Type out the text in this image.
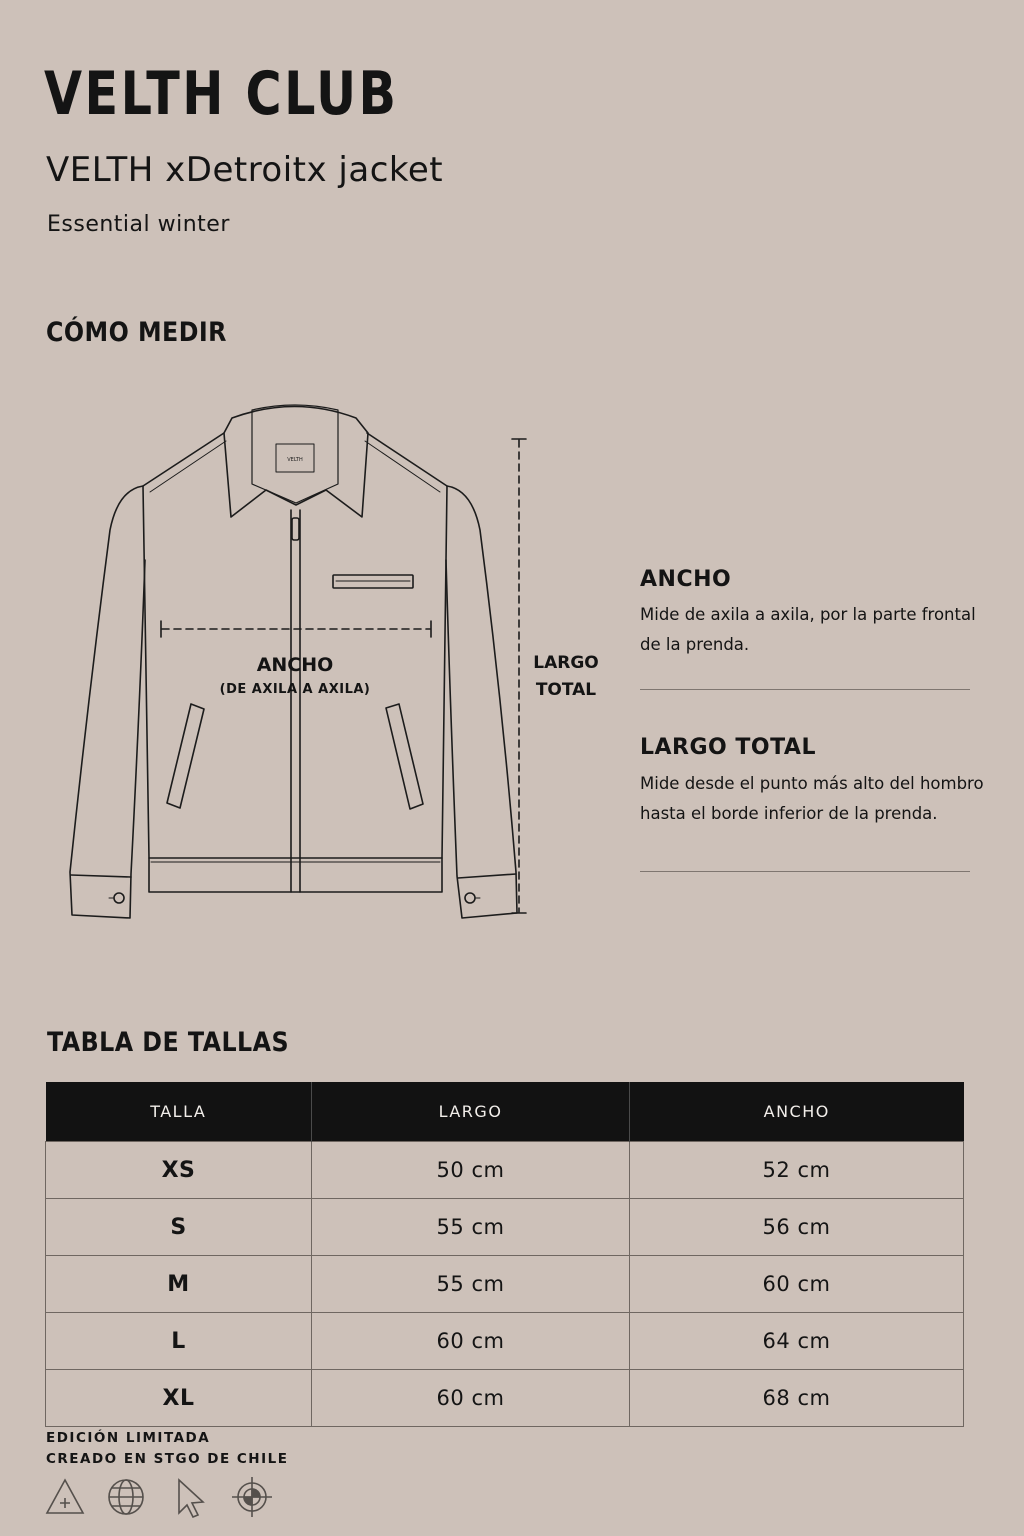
VELTH CLUB
VELTH xDetroitx jacket
Essential winter
CÓMO MEDIR
VELTH
ANCHO
(DE AXILA A AXILA)
LARGO
TOTAL
ANCHO
Mide de axila a axila, por la parte frontal de la prenda.
LARGO TOTAL
Mide desde el punto más alto del hombro hasta el borde inferior de la prenda.
TABLA DE TALLAS
TALLA	LARGO	ANCHO
XS	50 cm	52 cm
S	55 cm	56 cm
M	55 cm	60 cm
L	60 cm	64 cm
XL	60 cm	68 cm
EDICIÓN LIMITADA
CREADO EN STGO DE CHILE
